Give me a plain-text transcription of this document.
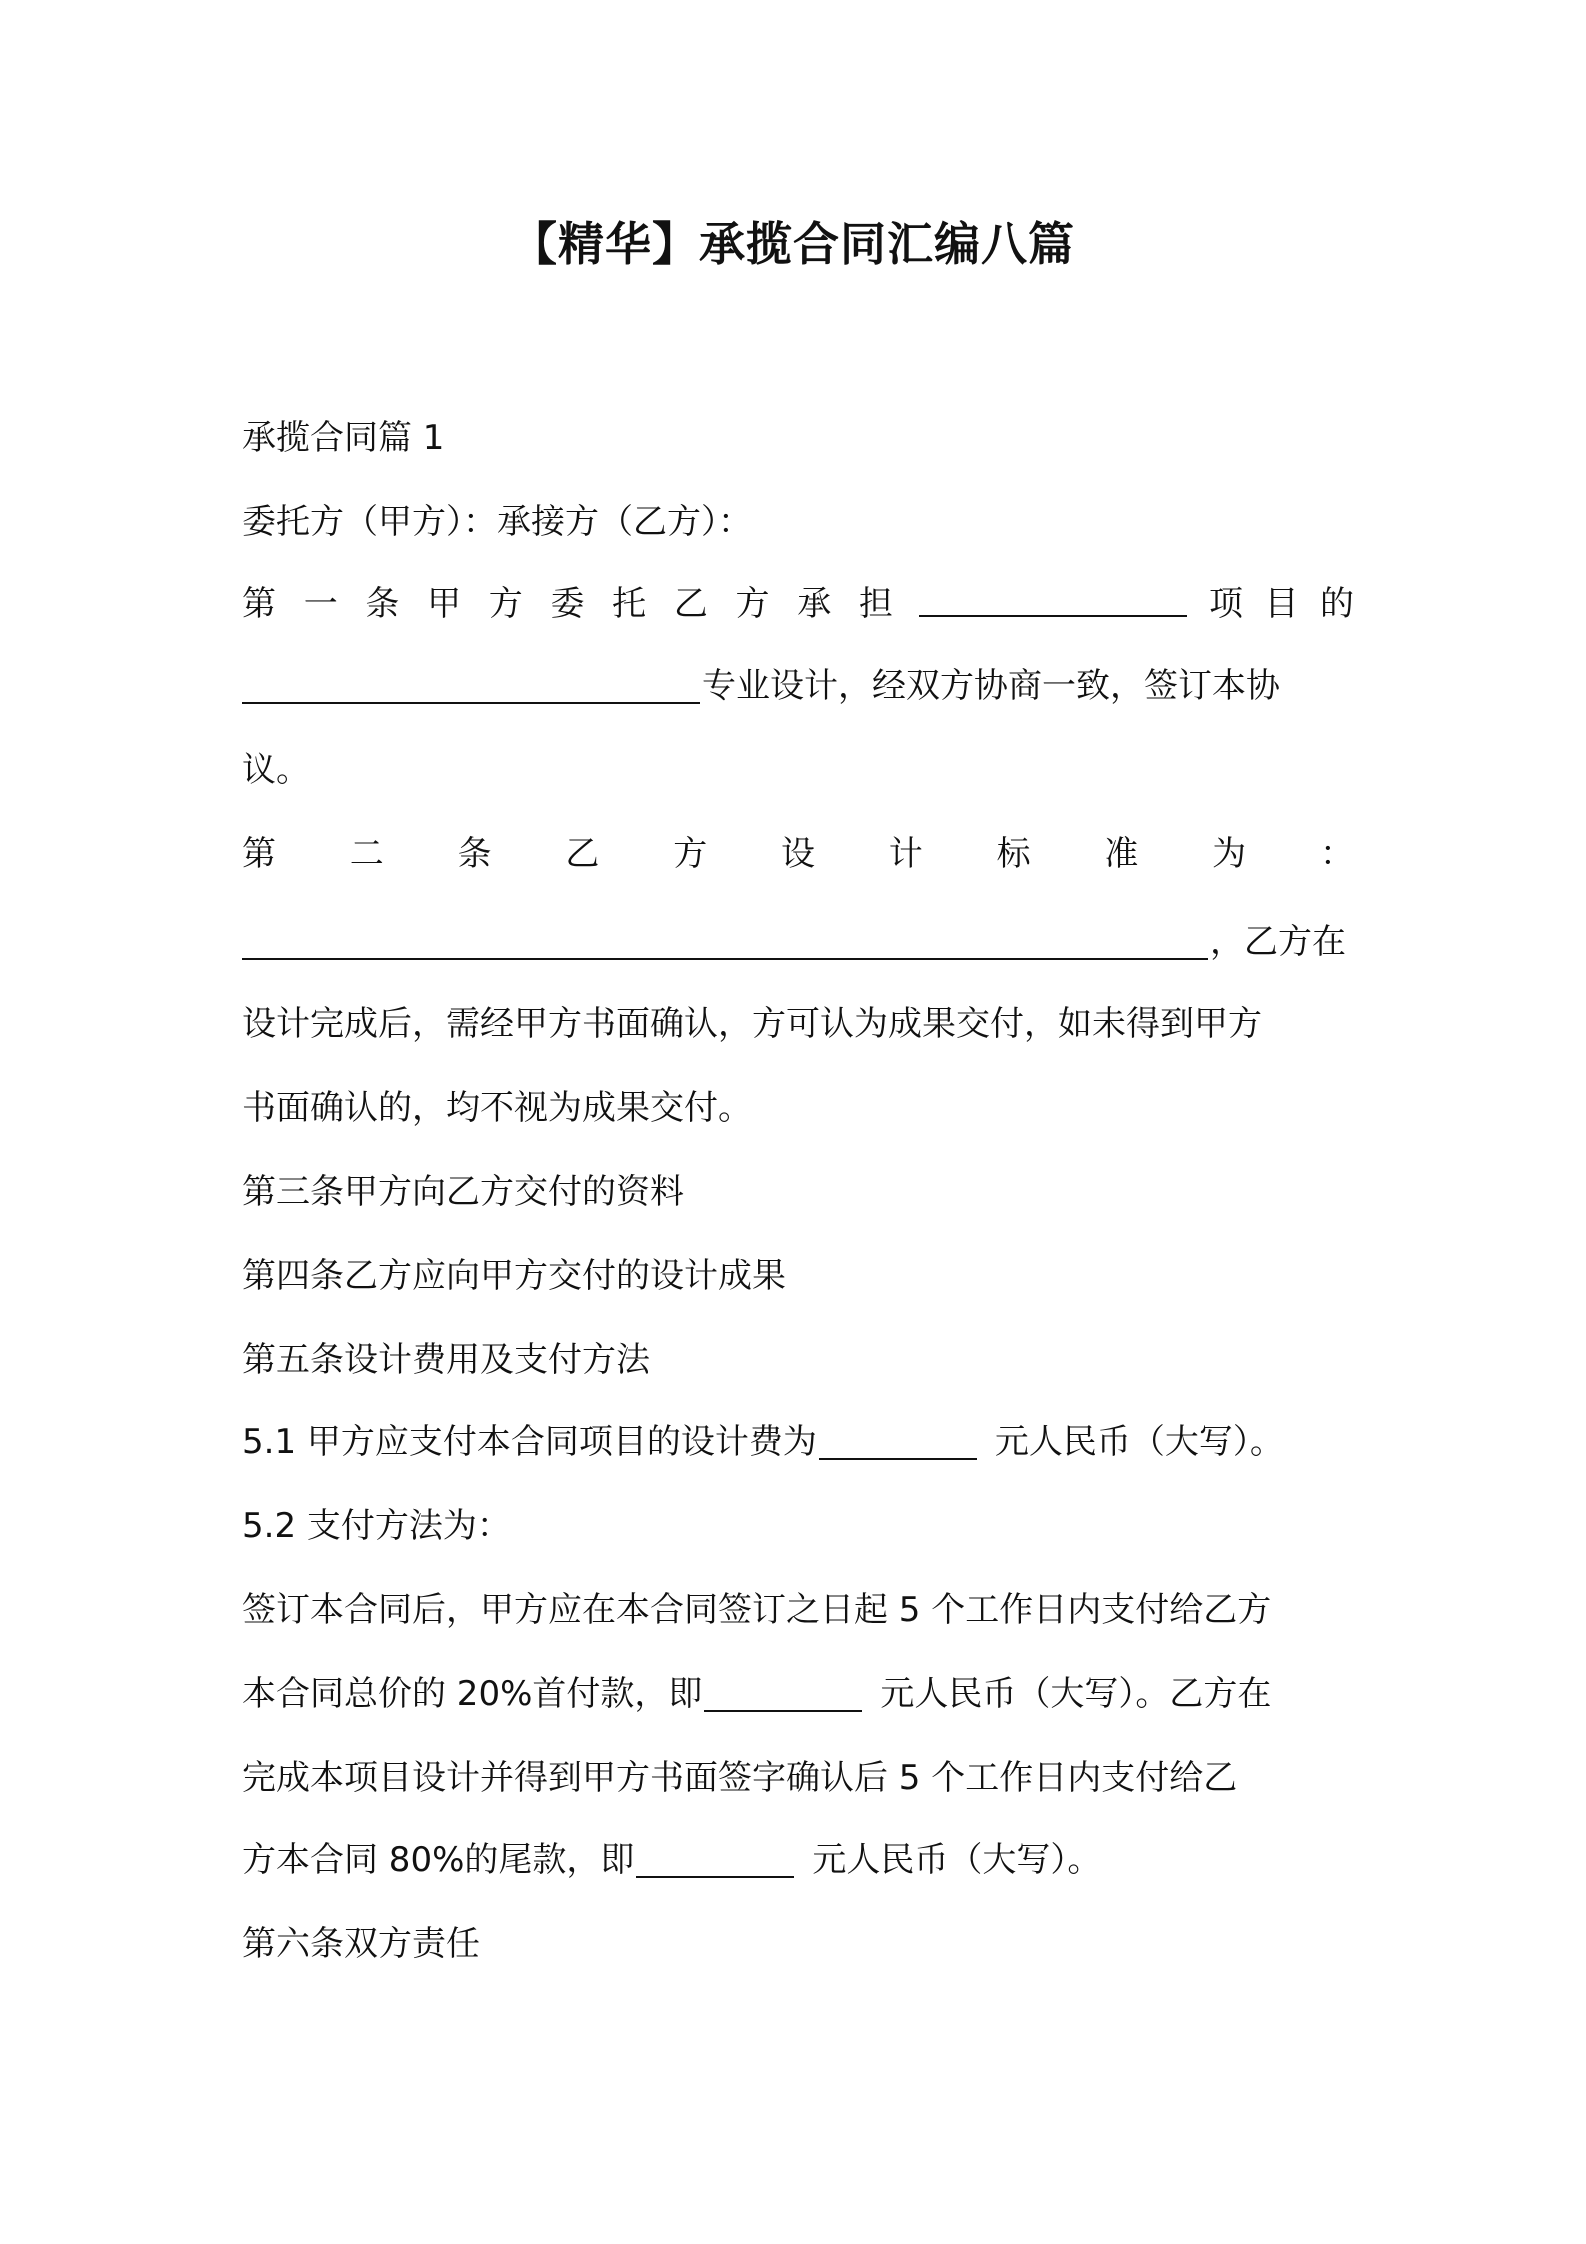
【精华】承揽合同汇编八篇
承揽合同篇 1
委托方（甲方）：承接方（乙方）：
第 一 条 甲 方 委 托 乙 方 承 担	项 目 的
专业设计，经双方协商一致，签订本协
议。
第 二 条 乙 方 设 计 标 准 为 ：
，乙方在
设计完成后，需经甲方书面确认，方可认为成果交付，如未得到甲方
书面确认的，均不视为成果交付。
第三条甲方向乙方交付的资料
第四条乙方应向甲方交付的设计成果
第五条设计费用及支付方法
5.1 甲方应支付本合同项目的设计费为	元人民币（大写）。
5.2 支付方法为：
签订本合同后，甲方应在本合同签订之日起 5 个工作日内支付给乙方
本合同总价的 20%首付款，即	元人民币（大写）。乙方在
完成本项目设计并得到甲方书面签字确认后 5 个工作日内支付给乙
方本合同 80%的尾款，即	元人民币（大写）。
第六条双方责任
